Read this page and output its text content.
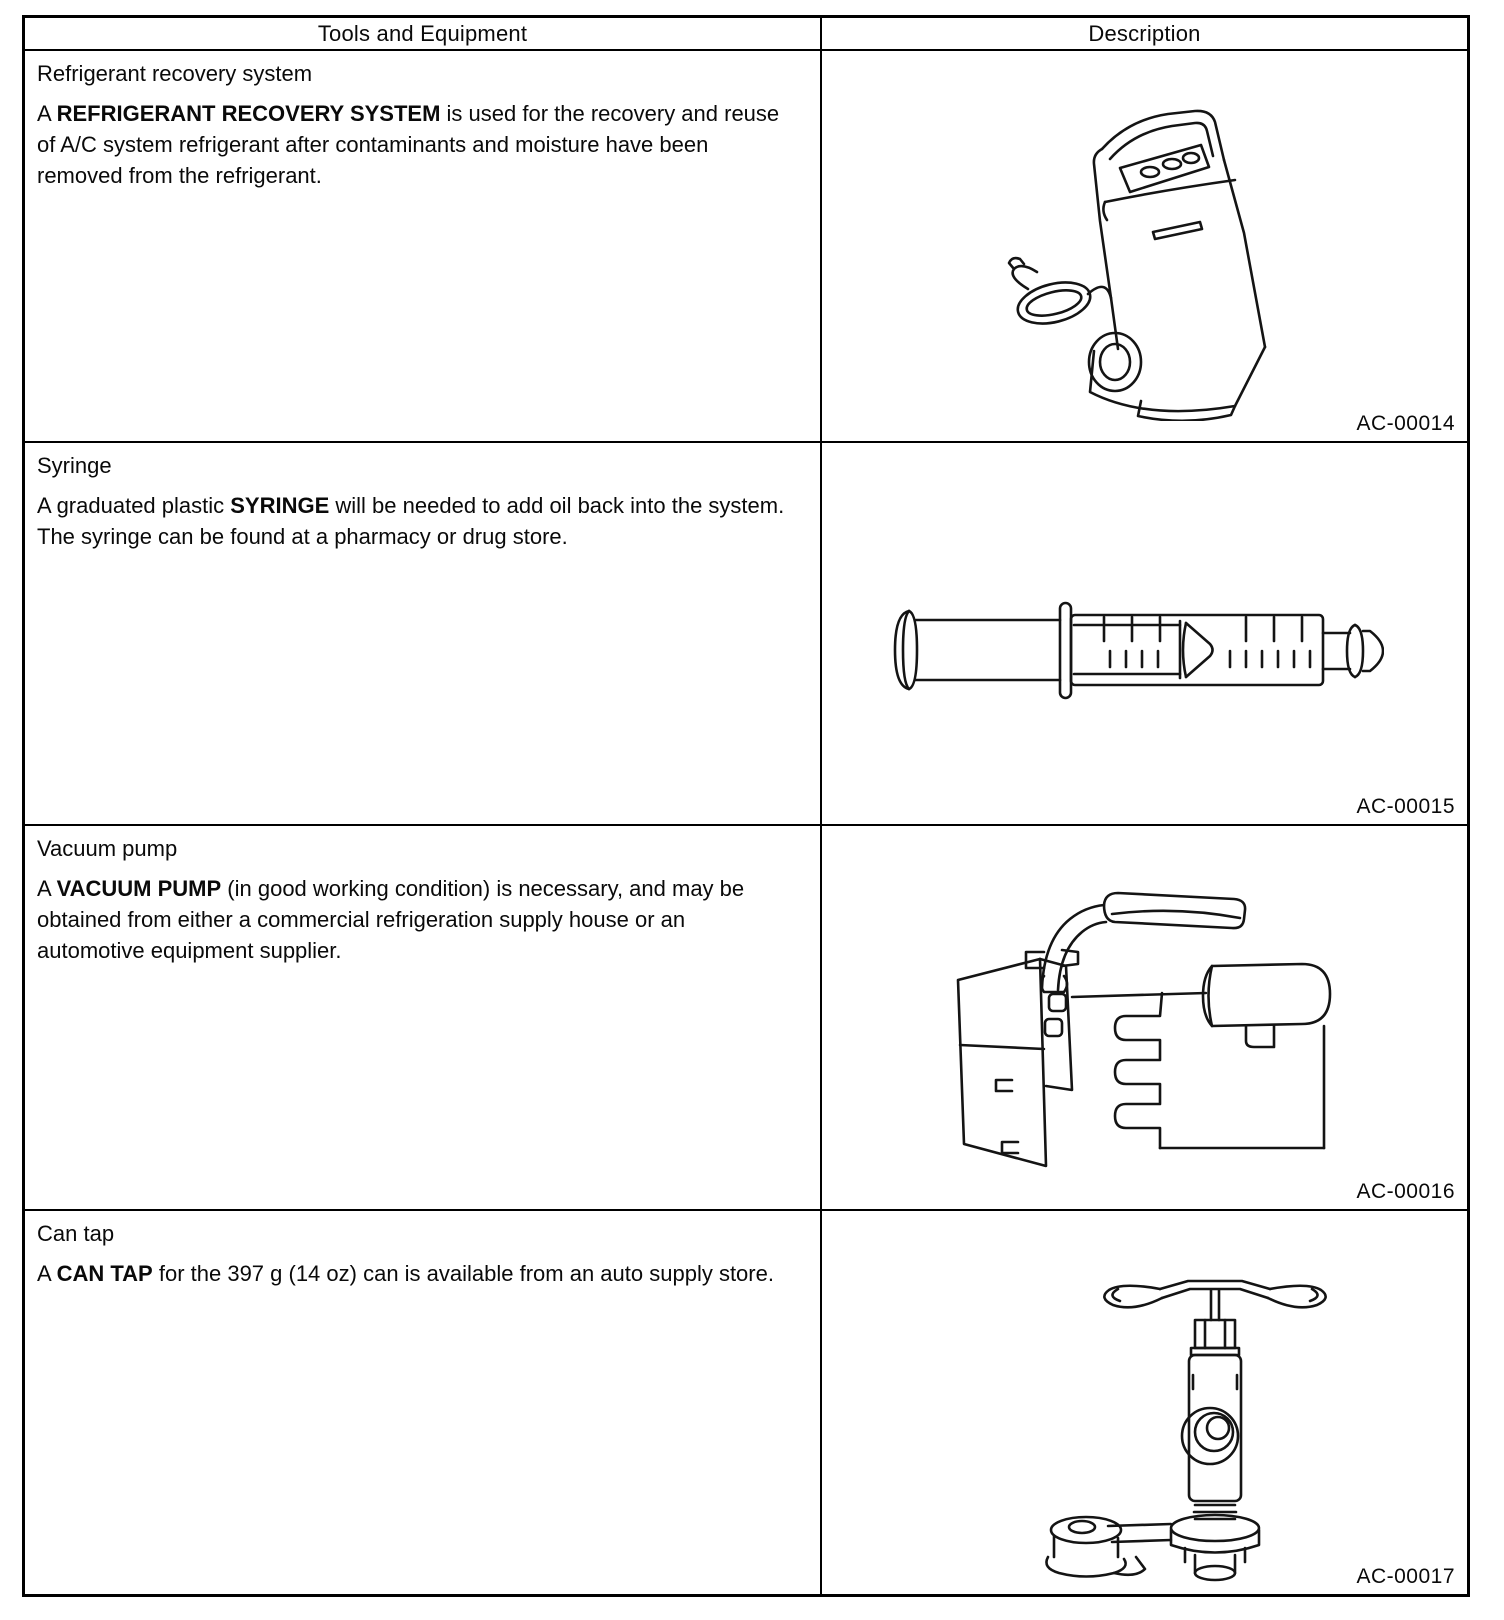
Tools and Equipment	Description
Refrigerant recovery system
A REFRIGERANT RECOVERY SYSTEM is used for the recovery and reuse of A/C system refrigerant after contaminants and moisture have been removed from the refrigerant.
AC-00014
Syringe
A graduated plastic SYRINGE will be needed to add oil back into the system. The syringe can be found at a pharmacy or drug store.
AC-00015
Vacuum pump
A VACUUM PUMP (in good working condition) is necessary, and may be obtained from either a commercial refrigeration supply house or an automotive equipment supplier.
AC-00016
Can tap
A CAN TAP for the 397 g (14 oz) can is available from an auto supply store.
AC-00017
